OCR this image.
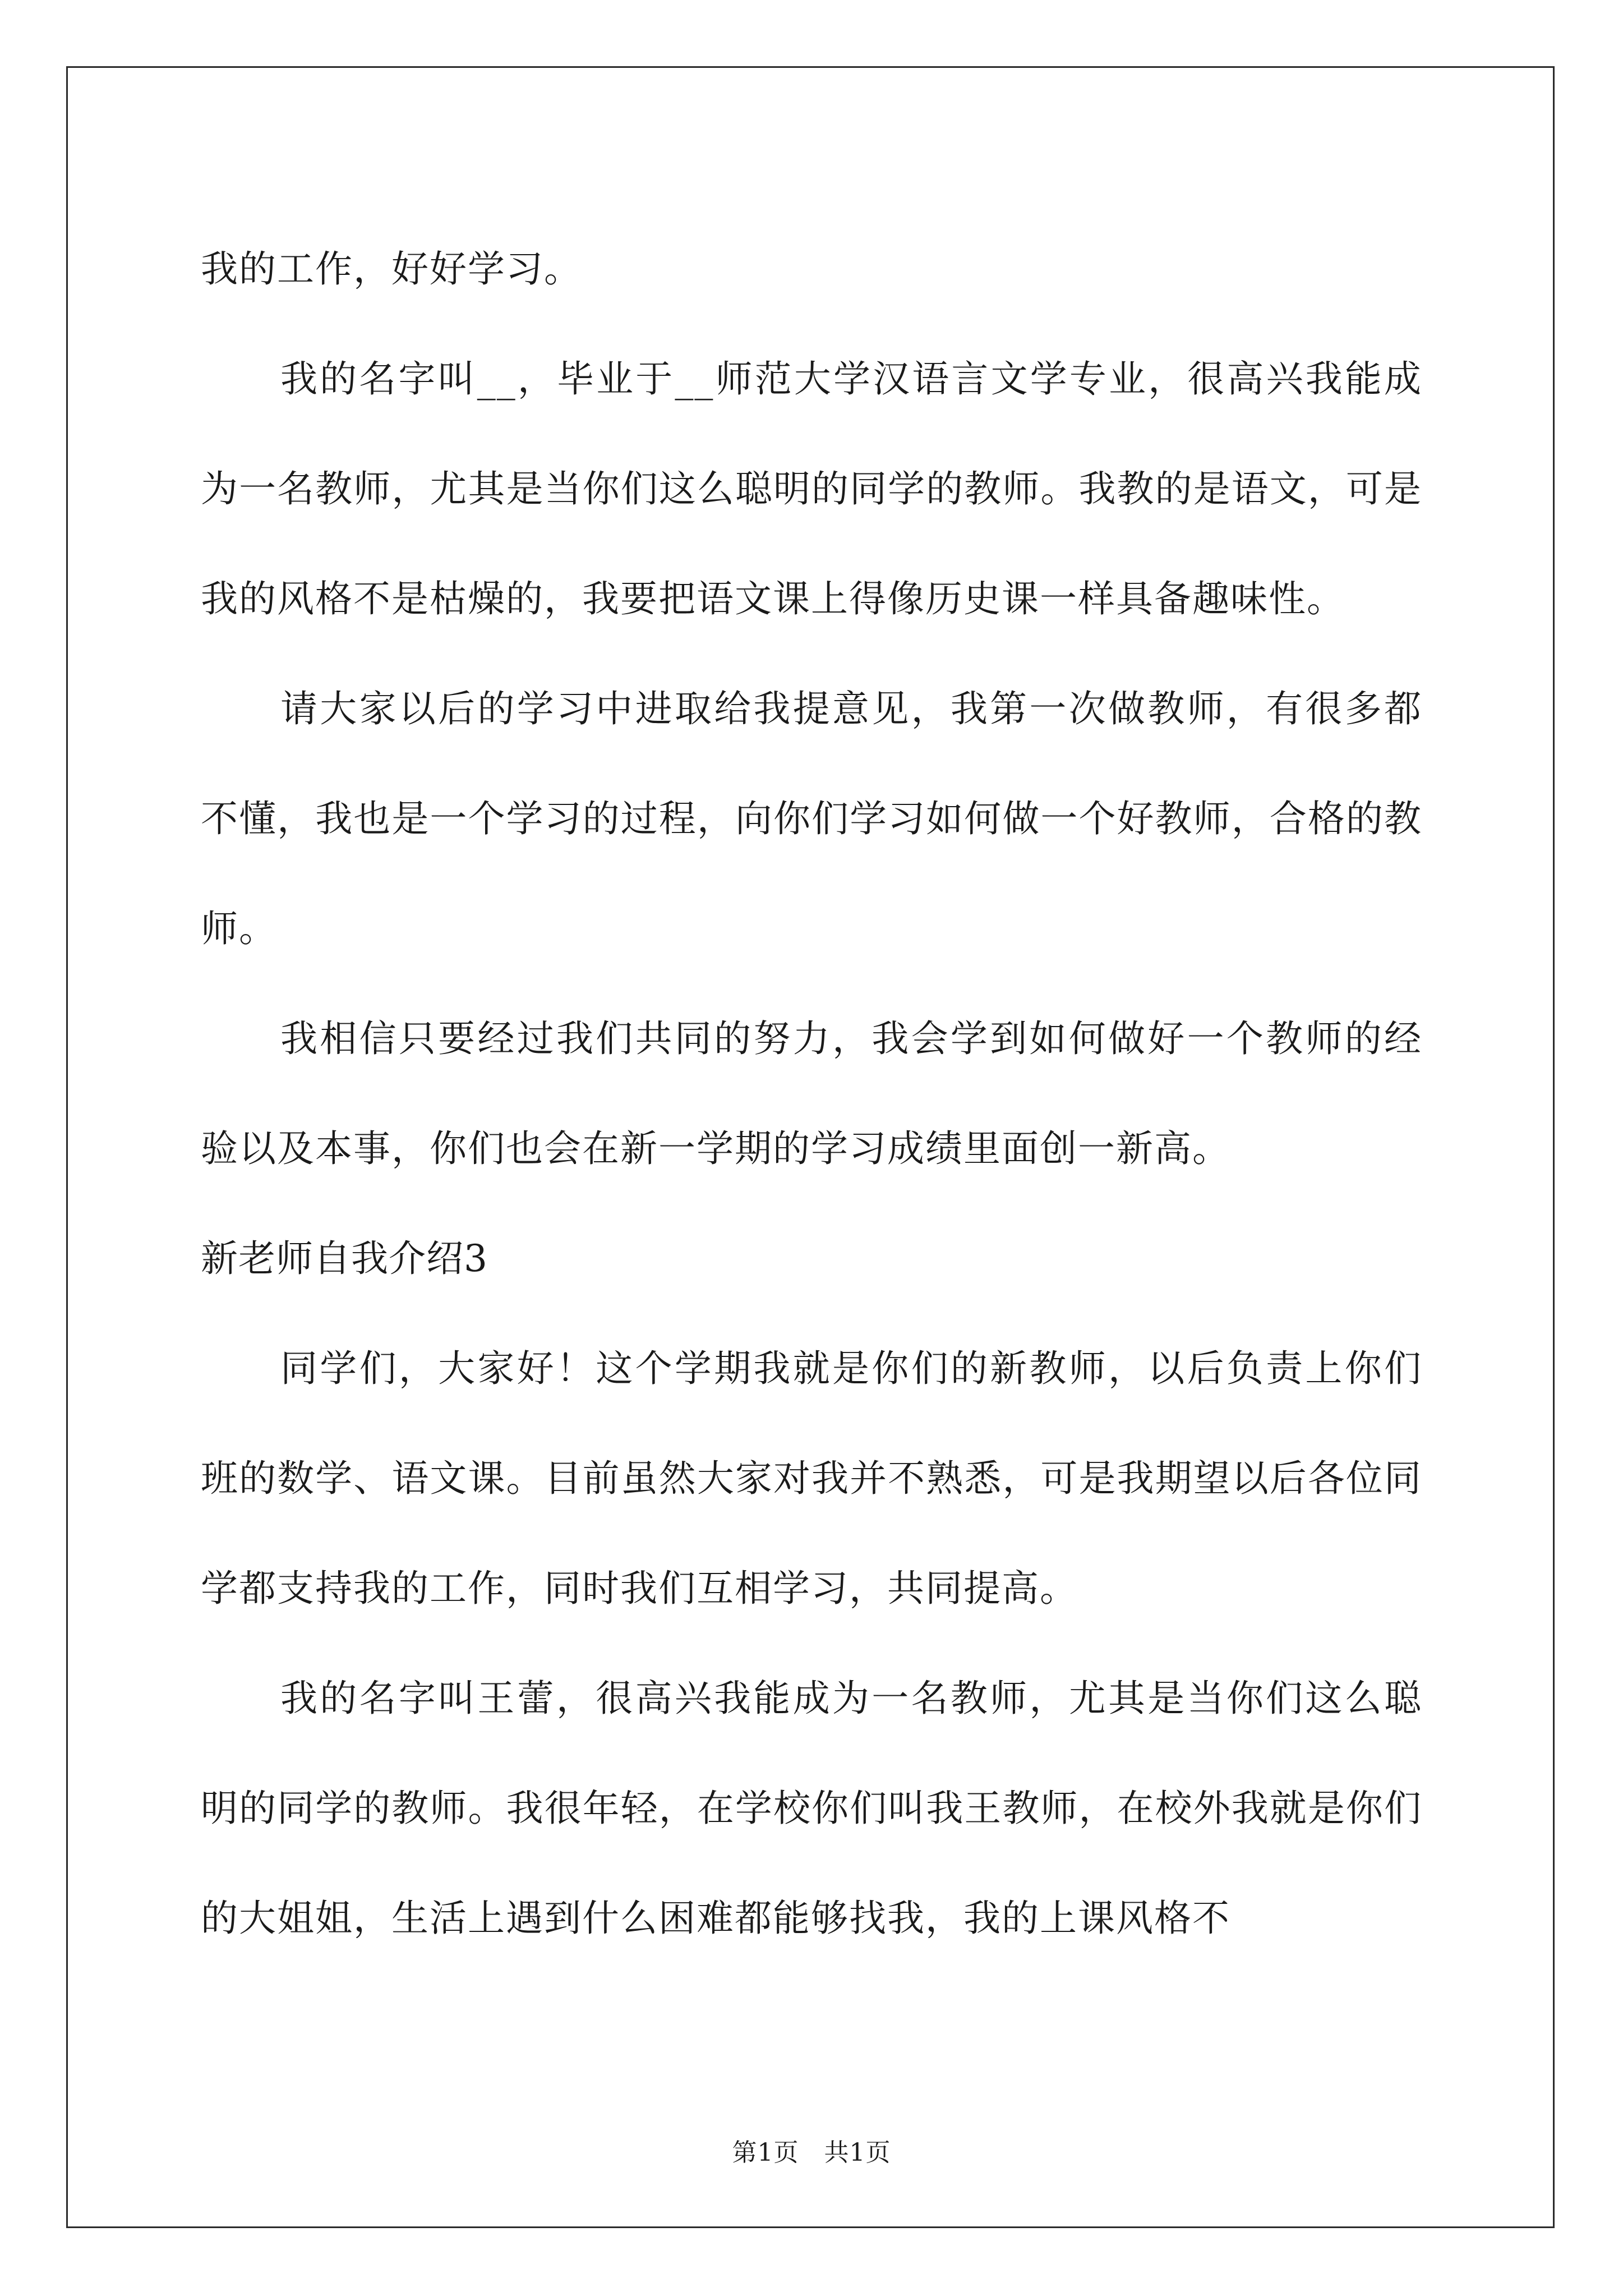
我的工作，好好学习。

我的名字叫__，毕业于__师范大学汉语言文学专业，很高兴我能成为一名教师，尤其是当你们这么聪明的同学的教师。我教的是语文，可是我的风格不是枯燥的，我要把语文课上得像历史课一样具备趣味性。

请大家以后的学习中进取给我提意见，我第一次做教师，有很多都不懂，我也是一个学习的过程，向你们学习如何做一个好教师，合格的教师。

我相信只要经过我们共同的努力，我会学到如何做好一个教师的经验以及本事，你们也会在新一学期的学习成绩里面创一新高。

新老师自我介绍3

同学们，大家好！这个学期我就是你们的新教师，以后负责上你们班的数学、语文课。目前虽然大家对我并不熟悉，可是我期望以后各位同学都支持我的工作，同时我们互相学习，共同提高。

我的名字叫王蕾，很高兴我能成为一名教师，尤其是当你们这么聪明的同学的教师。我很年轻，在学校你们叫我王教师，在校外我就是你们的大姐姐，生活上遇到什么困难都能够找我，我的上课风格不

第1页　共1页
